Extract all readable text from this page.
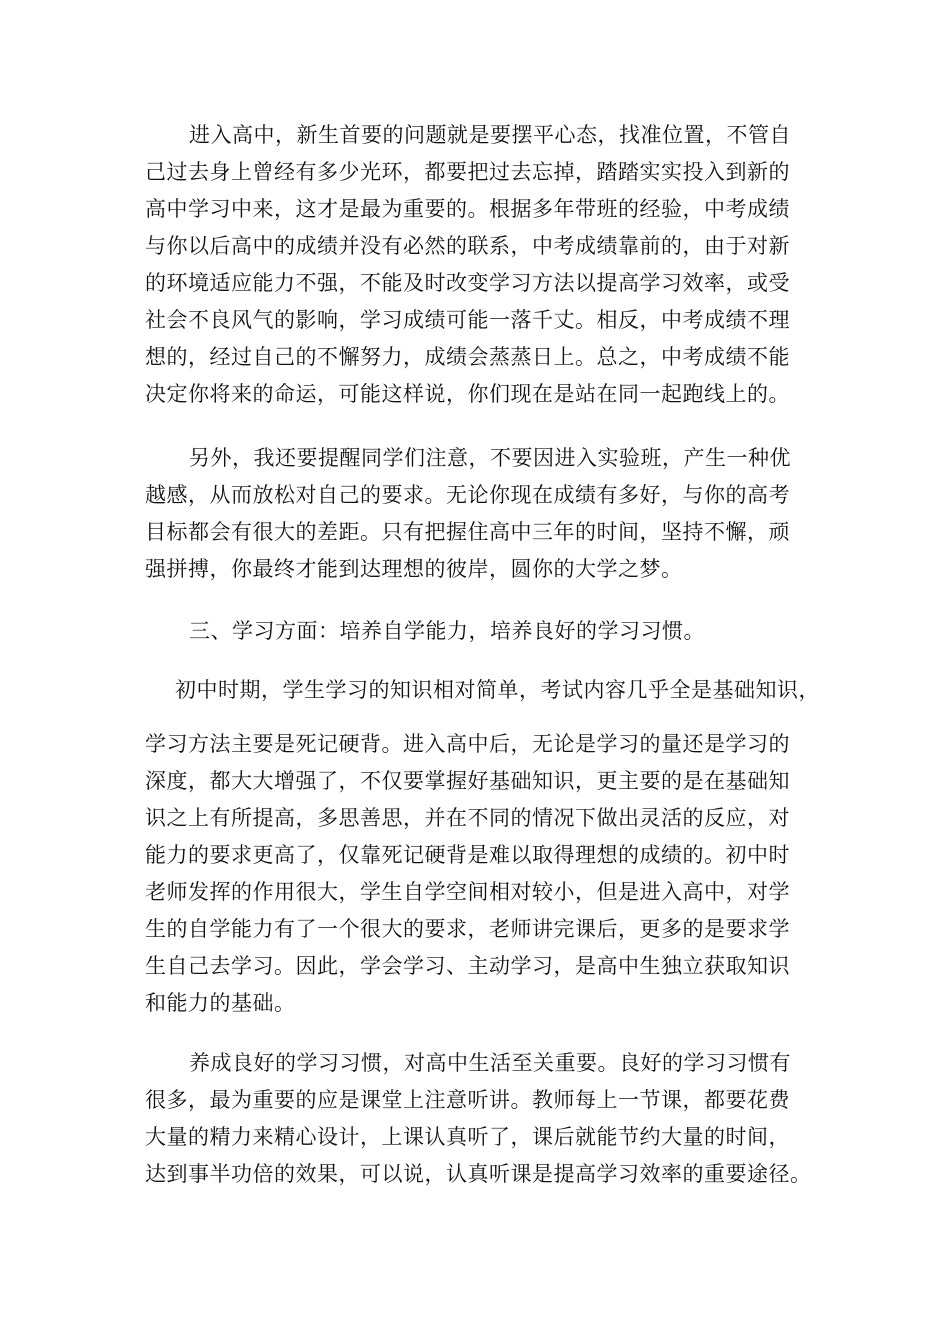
进入高中，新生首要的问题就是要摆平心态，找准位置，不管自
己过去身上曾经有多少光环，都要把过去忘掉，踏踏实实投入到新的
高中学习中来，这才是最为重要的。根据多年带班的经验，中考成绩
与你以后高中的成绩并没有必然的联系，中考成绩靠前的，由于对新
的环境适应能力不强，不能及时改变学习方法以提高学习效率，或受
社会不良风气的影响，学习成绩可能一落千丈。相反，中考成绩不理
想的，经过自己的不懈努力，成绩会蒸蒸日上。总之，中考成绩不能
决定你将来的命运，可能这样说，你们现在是站在同一起跑线上的。
另外，我还要提醒同学们注意，不要因进入实验班，产生一种优
越感，从而放松对自己的要求。无论你现在成绩有多好，与你的高考
目标都会有很大的差距。只有把握住高中三年的时间，坚持不懈，顽
强拼搏，你最终才能到达理想的彼岸，圆你的大学之梦。
三、学习方面：培养自学能力，培养良好的学习习惯。
初中时期，学生学习的知识相对简单，考试内容几乎全是基础知识，
学习方法主要是死记硬背。进入高中后，无论是学习的量还是学习的
深度，都大大增强了，不仅要掌握好基础知识，更主要的是在基础知
识之上有所提高，多思善思，并在不同的情况下做出灵活的反应，对
能力的要求更高了，仅靠死记硬背是难以取得理想的成绩的。初中时
老师发挥的作用很大，学生自学空间相对较小，但是进入高中，对学
生的自学能力有了一个很大的要求，老师讲完课后，更多的是要求学
生自己去学习。因此，学会学习、主动学习，是高中生独立获取知识
和能力的基础。
养成良好的学习习惯，对高中生活至关重要。良好的学习习惯有
很多，最为重要的应是课堂上注意听讲。教师每上一节课，都要花费
大量的精力来精心设计，上课认真听了，课后就能节约大量的时间，
达到事半功倍的效果，可以说，认真听课是提高学习效率的重要途径。
